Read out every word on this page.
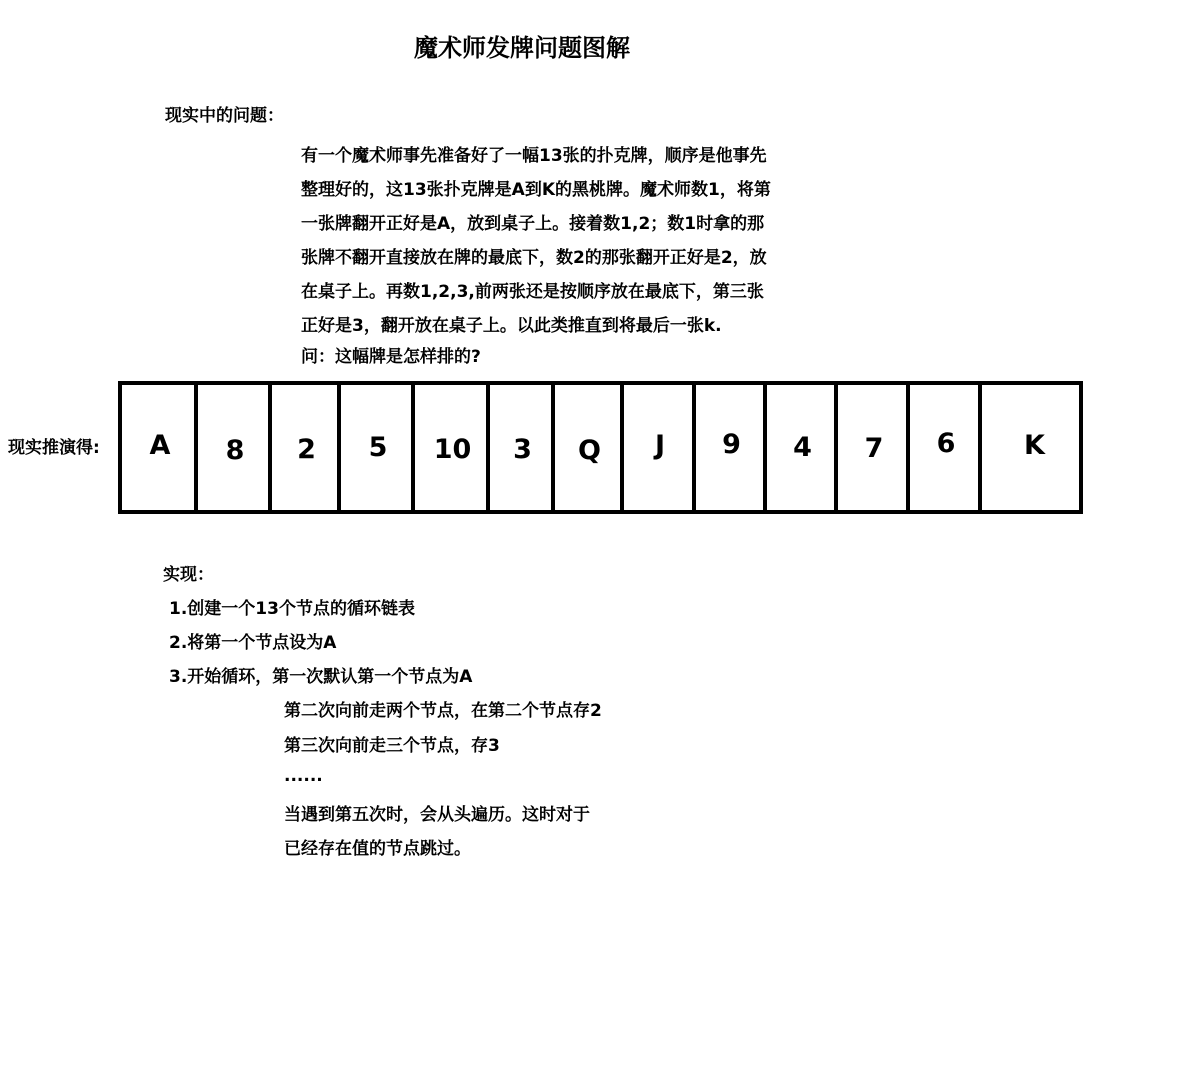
魔术师发牌问题图解
现实中的问题：
有一个魔术师事先准备好了一幅13张的扑克牌，顺序是他事先
整理好的，这13张扑克牌是A到K的黑桃牌。魔术师数1，将第
一张牌翻开正好是A，放到桌子上。接着数1,2；数1时拿的那
张牌不翻开直接放在牌的最底下，数2的那张翻开正好是2，放
在桌子上。再数1,2,3,前两张还是按顺序放在最底下，第三张
正好是3，翻开放在桌子上。以此类推直到将最后一张k.
问：这幅牌是怎样排的?
现实推演得: A 8 2 5 10 3 Q J 9 4 7 6	K
实现：
1.创建一个13个节点的循环链表
2.将第一个节点设为A
3.开始循环，第一次默认第一个节点为A
第二次向前走两个节点，在第二个节点存2
第三次向前走三个节点，存3
......
当遇到第五次时，会从头遍历。这时对于
已经存在值的节点跳过。
